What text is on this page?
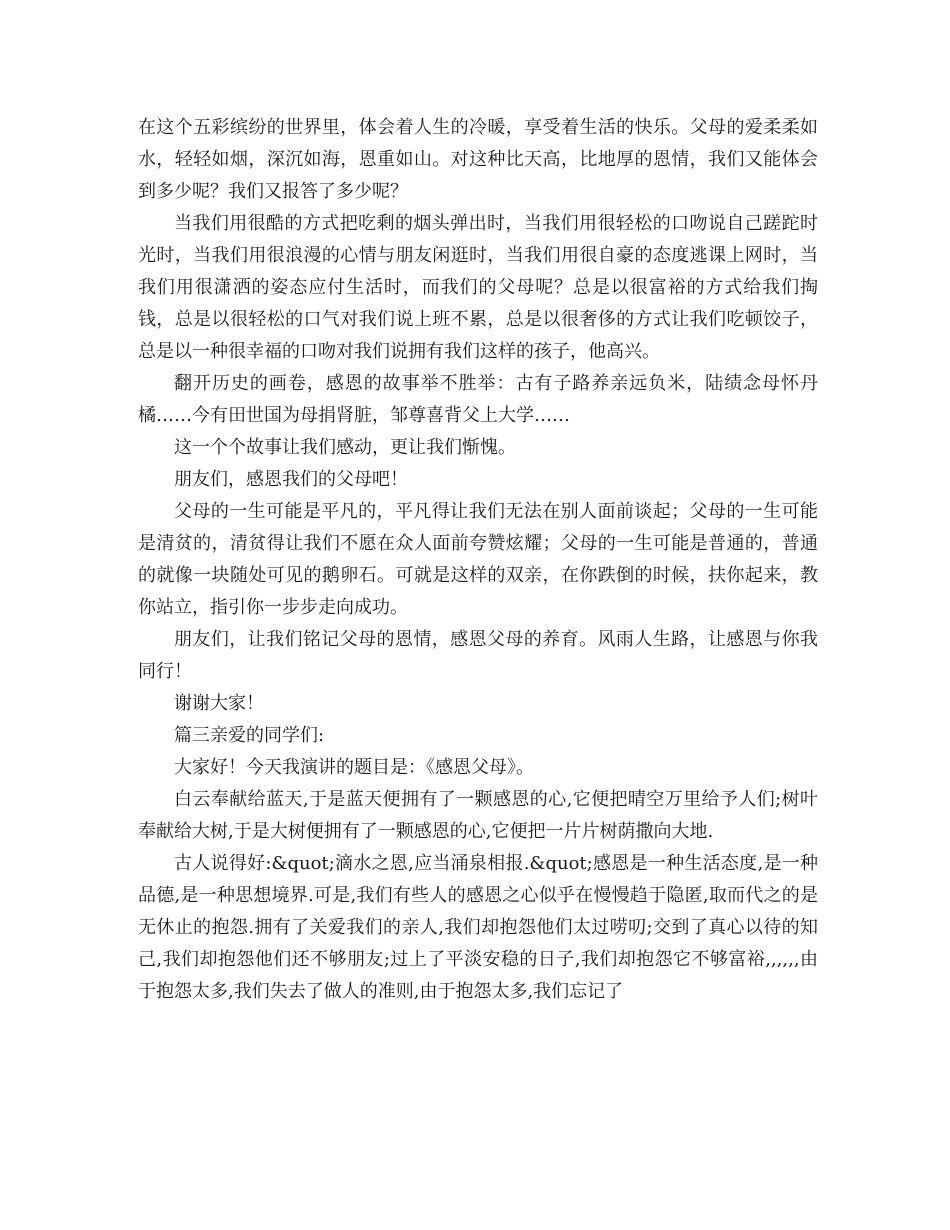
在这个五彩缤纷的世界里，体会着人生的冷暖，享受着生活的快乐。父母的爱柔柔如水，轻轻如烟，深沉如海，恩重如山。对这种比天高，比地厚的恩情，我们又能体会到多少呢？我们又报答了多少呢？

当我们用很酷的方式把吃剩的烟头弹出时，当我们用很轻松的口吻说自己蹉跎时光时，当我们用很浪漫的心情与朋友闲逛时，当我们用很自豪的态度逃课上网时，当我们用很潇洒的姿态应付生活时，而我们的父母呢？总是以很富裕的方式给我们掏钱，总是以很轻松的口气对我们说上班不累，总是以很奢侈的方式让我们吃顿饺子，总是以一种很幸福的口吻对我们说拥有我们这样的孩子，他高兴。

翻开历史的画卷，感恩的故事举不胜举：古有子路养亲远负米，陆绩念母怀丹橘……今有田世国为母捐肾脏，邹尊喜背父上大学……

这一个个故事让我们感动，更让我们惭愧。

朋友们，感恩我们的父母吧！

父母的一生可能是平凡的，平凡得让我们无法在别人面前谈起；父母的一生可能是清贫的，清贫得让我们不愿在众人面前夸赞炫耀；父母的一生可能是普通的，普通的就像一块随处可见的鹅卵石。可就是这样的双亲，在你跌倒的时候，扶你起来，教你站立，指引你一步步走向成功。

朋友们，让我们铭记父母的恩情，感恩父母的养育。风雨人生路，让感恩与你我同行！

谢谢大家！

篇三亲爱的同学们:

大家好！今天我演讲的题目是：《感恩父母》。

白云奉献给蓝天,于是蓝天便拥有了一颗感恩的心,它便把晴空万里给予人们;树叶奉献给大树,于是大树便拥有了一颗感恩的心,它便把一片片树荫撒向大地.

古人说得好:&quot;滴水之恩,应当涌泉相报.&quot;感恩是一种生活态度,是一种品德,是一种思想境界.可是,我们有些人的感恩之心似乎在慢慢趋于隐匿,取而代之的是无休止的抱怨.拥有了关爱我们的亲人,我们却抱怨他们太过唠叨;交到了真心以待的知己,我们却抱怨他们还不够朋友;过上了平淡安稳的日子,我们却抱怨它不够富裕,,,,,,由于抱怨太多,我们失去了做人的准则,由于抱怨太多,我们忘记了
